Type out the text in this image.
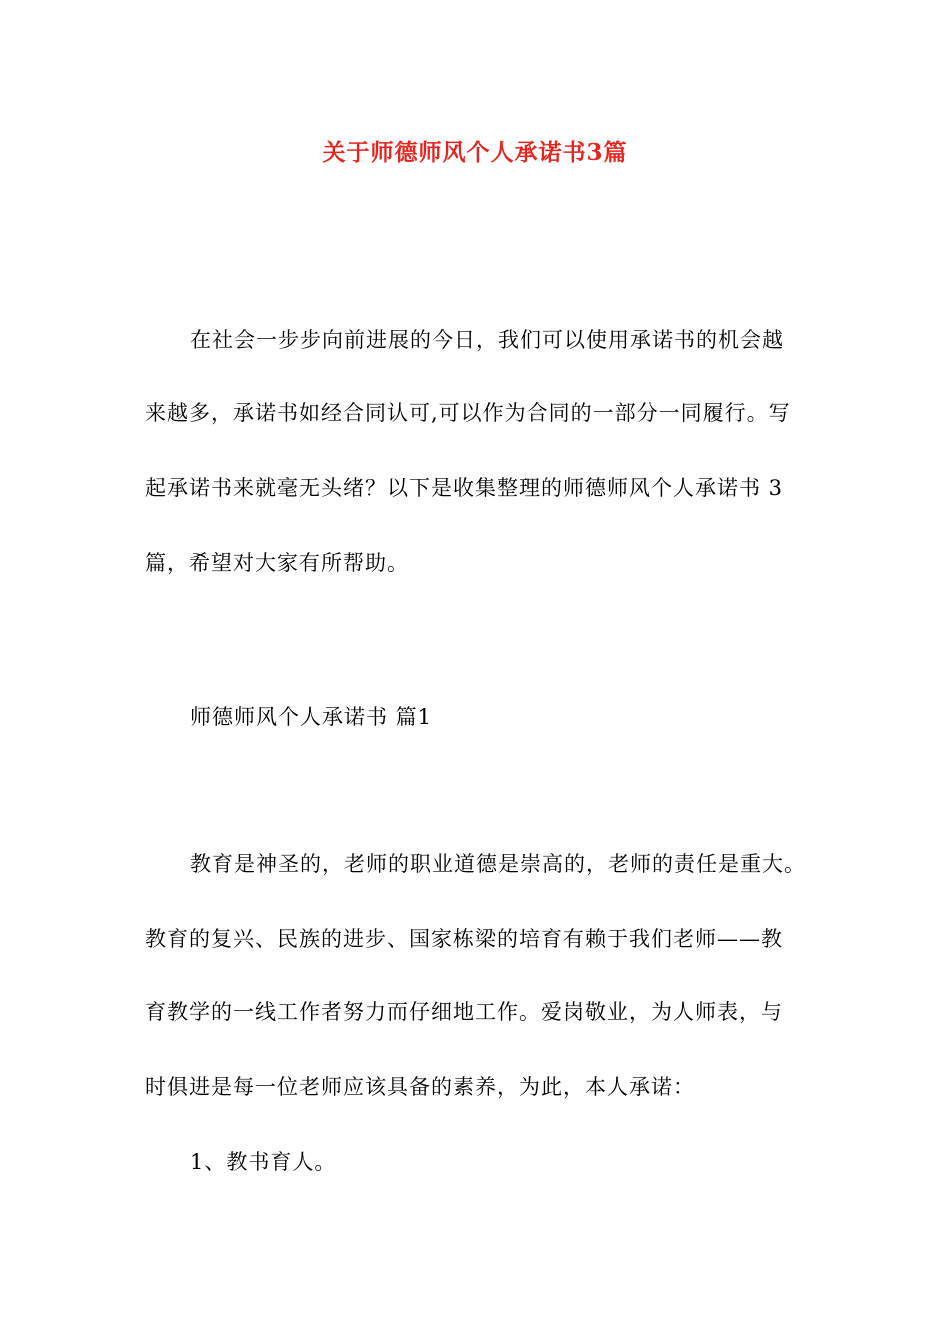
关于师德师风个人承诺书3篇
在社会一步步向前进展的今日，我们可以使用承诺书的机会越
来越多，承诺书如经合同认可,可以作为合同的一部分一同履行。写
起承诺书来就毫无头绪？以下是收集整理的师德师风个人承诺书 3
篇，希望对大家有所帮助。
师德师风个人承诺书 篇1
教育是神圣的，老师的职业道德是崇高的，老师的责任是重大。
教育的复兴、民族的进步、国家栋梁的培育有赖于我们老师——教
育教学的一线工作者努力而仔细地工作。爱岗敬业，为人师表，与
时俱进是每一位老师应该具备的素养，为此，本人承诺：
1、教书育人。
